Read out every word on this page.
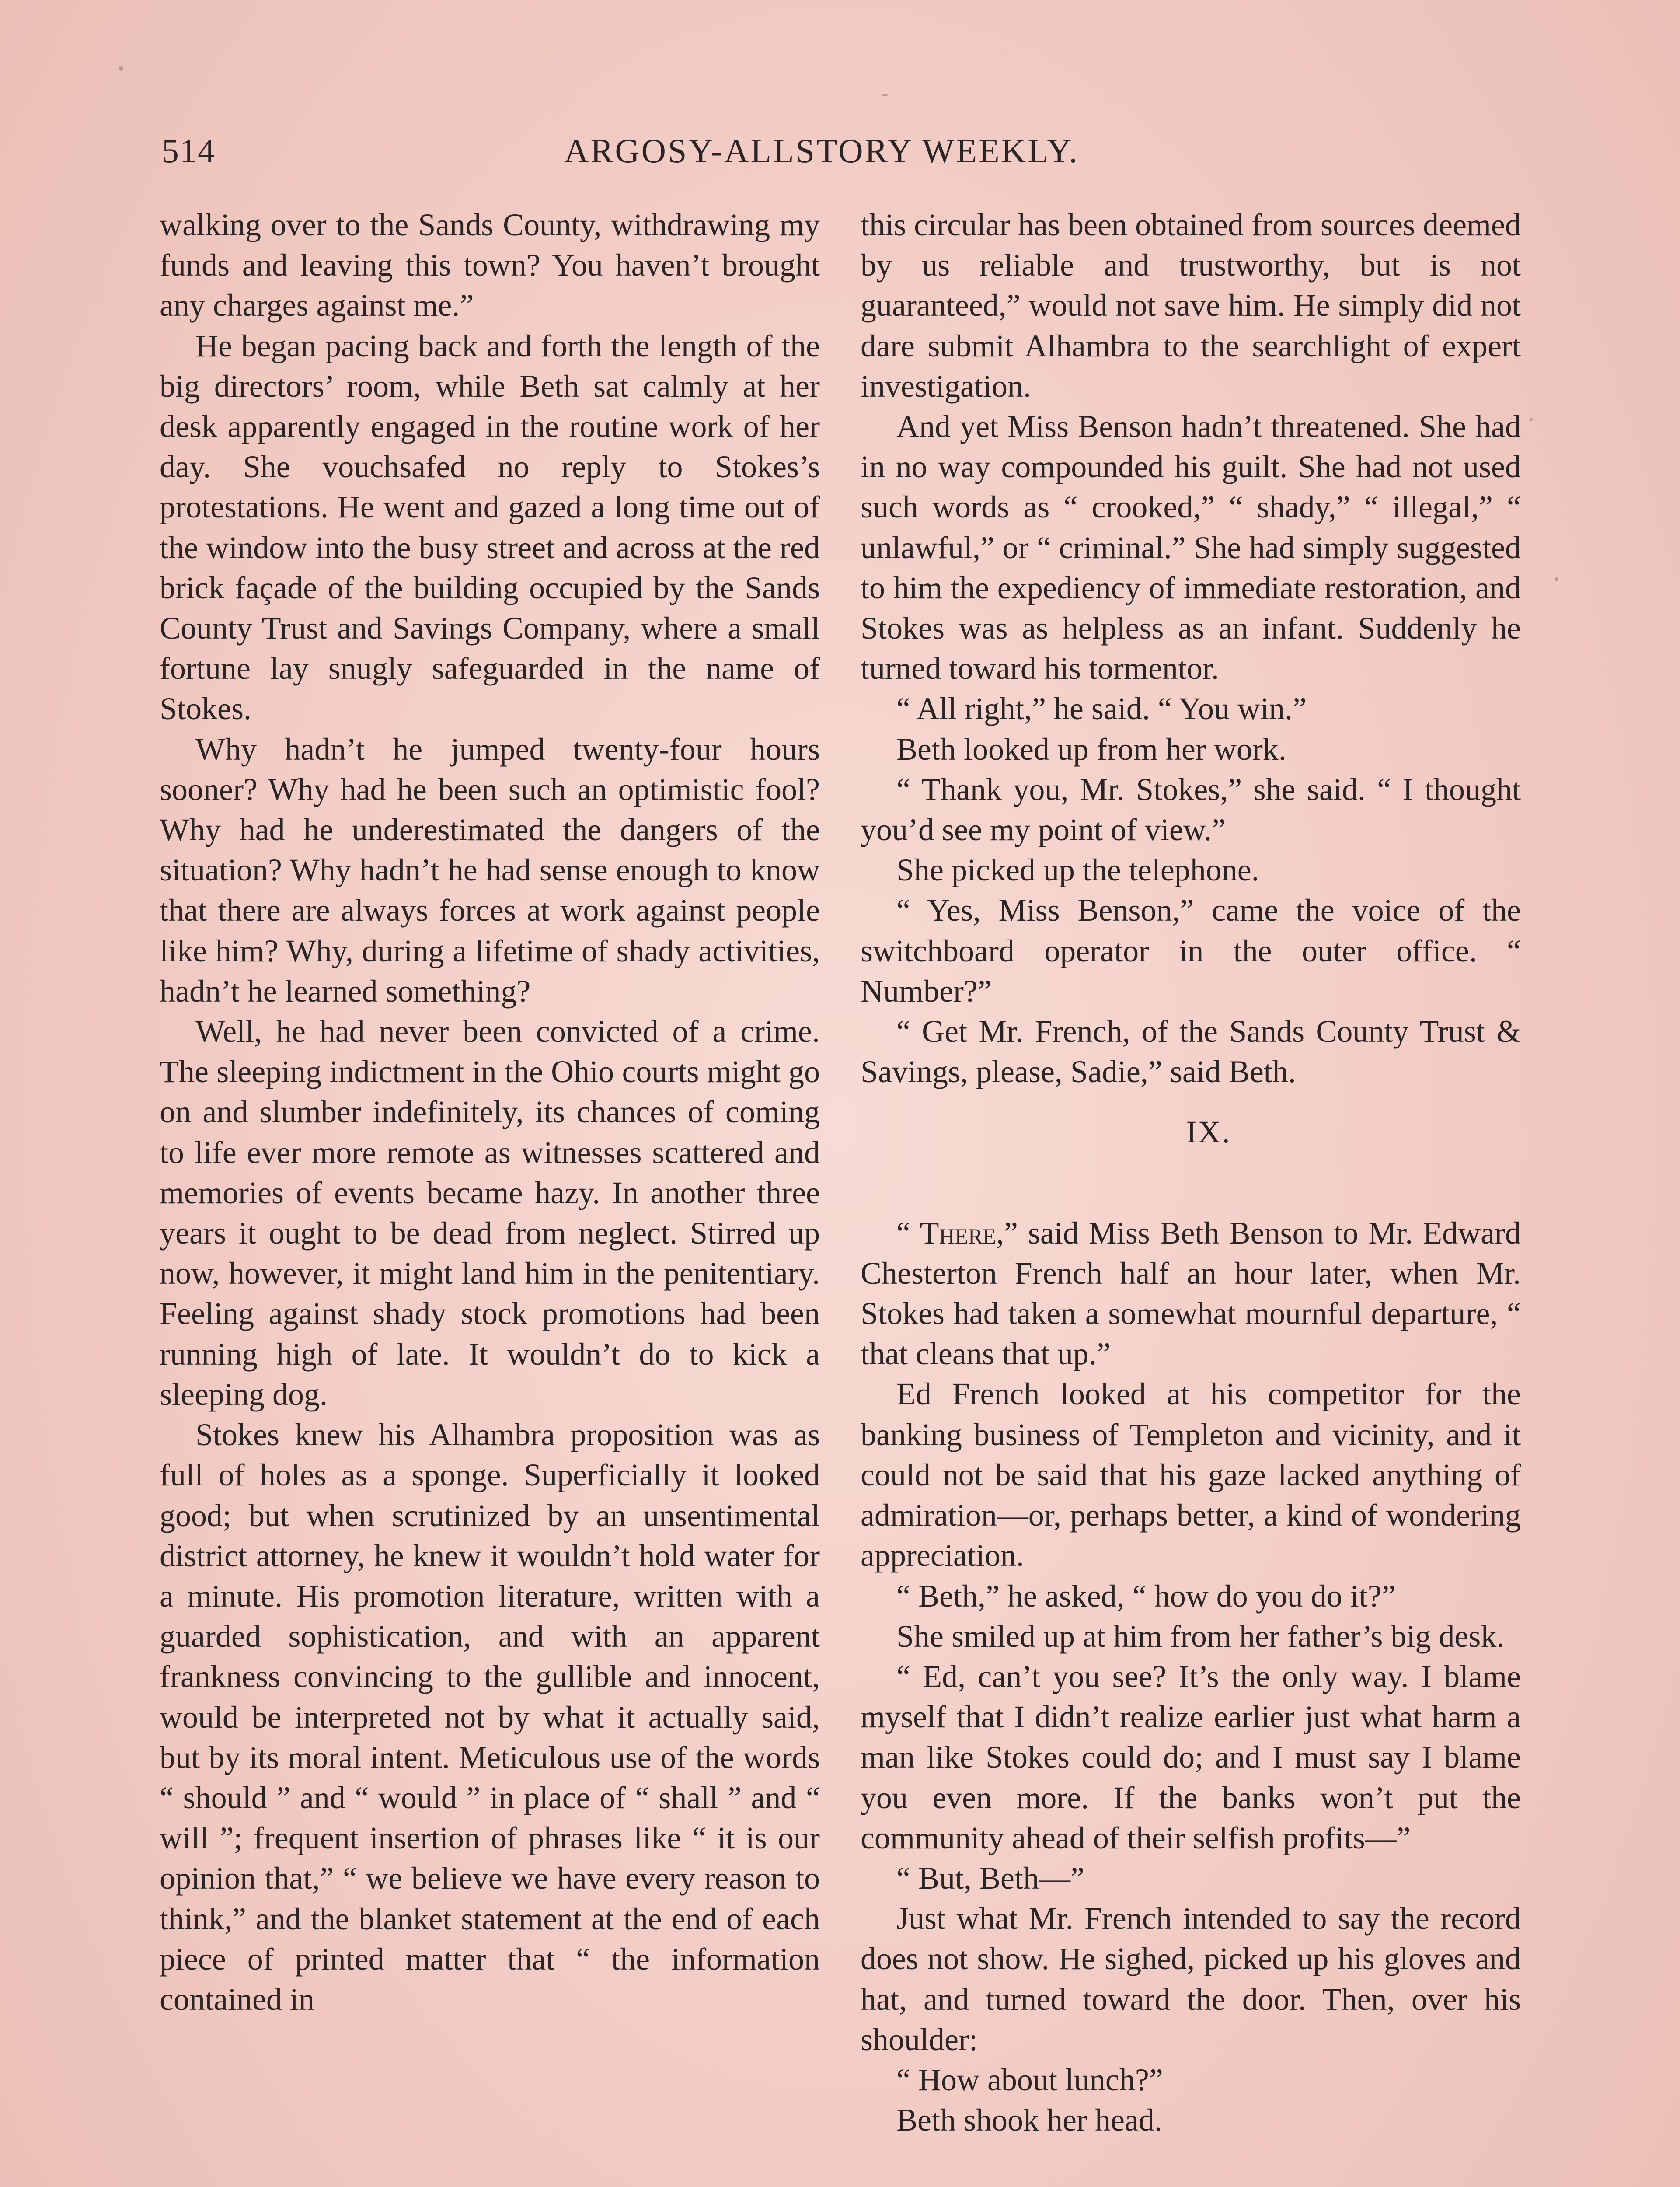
514	ARGOSY-ALLSTORY WEEKLY.

walking over to the Sands County, withdrawing my funds and leaving this town? You haven’t brought any charges against me.”

He began pacing back and forth the length of the big directors’ room, while Beth sat calmly at her desk apparently engaged in the routine work of her day. She vouchsafed no reply to Stokes’s protestations. He went and gazed a long time out of the window into the busy street and across at the red brick façade of the building occupied by the Sands County Trust and Savings Company, where a small fortune lay snugly safeguarded in the name of Stokes.

Why hadn’t he jumped twenty-four hours sooner? Why had he been such an optimistic fool? Why had he underestimated the dangers of the situation? Why hadn’t he had sense enough to know that there are always forces at work against people like him? Why, during a lifetime of shady activities, hadn’t he learned something?

Well, he had never been convicted of a crime. The sleeping indictment in the Ohio courts might go on and slumber indefinitely, its chances of coming to life ever more remote as witnesses scattered and memories of events became hazy. In another three years it ought to be dead from neglect. Stirred up now, however, it might land him in the penitentiary. Feeling against shady stock promotions had been running high of late. It wouldn’t do to kick a sleeping dog.

Stokes knew his Alhambra proposition was as full of holes as a sponge. Superficially it looked good; but when scrutinized by an unsentimental district attorney, he knew it wouldn’t hold water for a minute. His promotion literature, written with a guarded sophistication, and with an apparent frankness convincing to the gullible and innocent, would be interpreted not by what it actually said, but by its moral intent. Meticulous use of the words “ should ” and “ would ” in place of “ shall ” and “ will ”; frequent insertion of phrases like “ it is our opinion that,” “ we believe we have every reason to think,” and the blanket statement at the end of each piece of printed matter that “ the information contained in

this circular has been obtained from sources deemed by us reliable and trustworthy, but is not guaranteed,” would not save him. He simply did not dare submit Alhambra to the searchlight of expert investigation.

And yet Miss Benson hadn’t threatened. She had in no way compounded his guilt. She had not used such words as “ crooked,” “ shady,” “ illegal,” “ unlawful,” or “ criminal.” She had simply suggested to him the expediency of immediate restoration, and Stokes was as helpless as an infant. Suddenly he turned toward his tormentor.

“ All right,” he said. “ You win.”

Beth looked up from her work.

“ Thank you, Mr. Stokes,” she said. “ I thought you’d see my point of view.”

She picked up the telephone.

“ Yes, Miss Benson,” came the voice of the switchboard operator in the outer office. “ Number?”

“ Get Mr. French, of the Sands County Trust & Savings, please, Sadie,” said Beth.

IX.

“ There,” said Miss Beth Benson to Mr. Edward Chesterton French half an hour later, when Mr. Stokes had taken a somewhat mournful departure, “ that cleans that up.”

Ed French looked at his competitor for the banking business of Templeton and vicinity, and it could not be said that his gaze lacked anything of admiration—or, perhaps better, a kind of wondering appreciation.

“ Beth,” he asked, “ how do you do it?”

She smiled up at him from her father’s big desk.

“ Ed, can’t you see? It’s the only way. I blame myself that I didn’t realize earlier just what harm a man like Stokes could do; and I must say I blame you even more. If the banks won’t put the community ahead of their selfish profits—”

“ But, Beth—”

Just what Mr. French intended to say the record does not show. He sighed, picked up his gloves and hat, and turned toward the door. Then, over his shoulder:

“ How about lunch?”

Beth shook her head.
